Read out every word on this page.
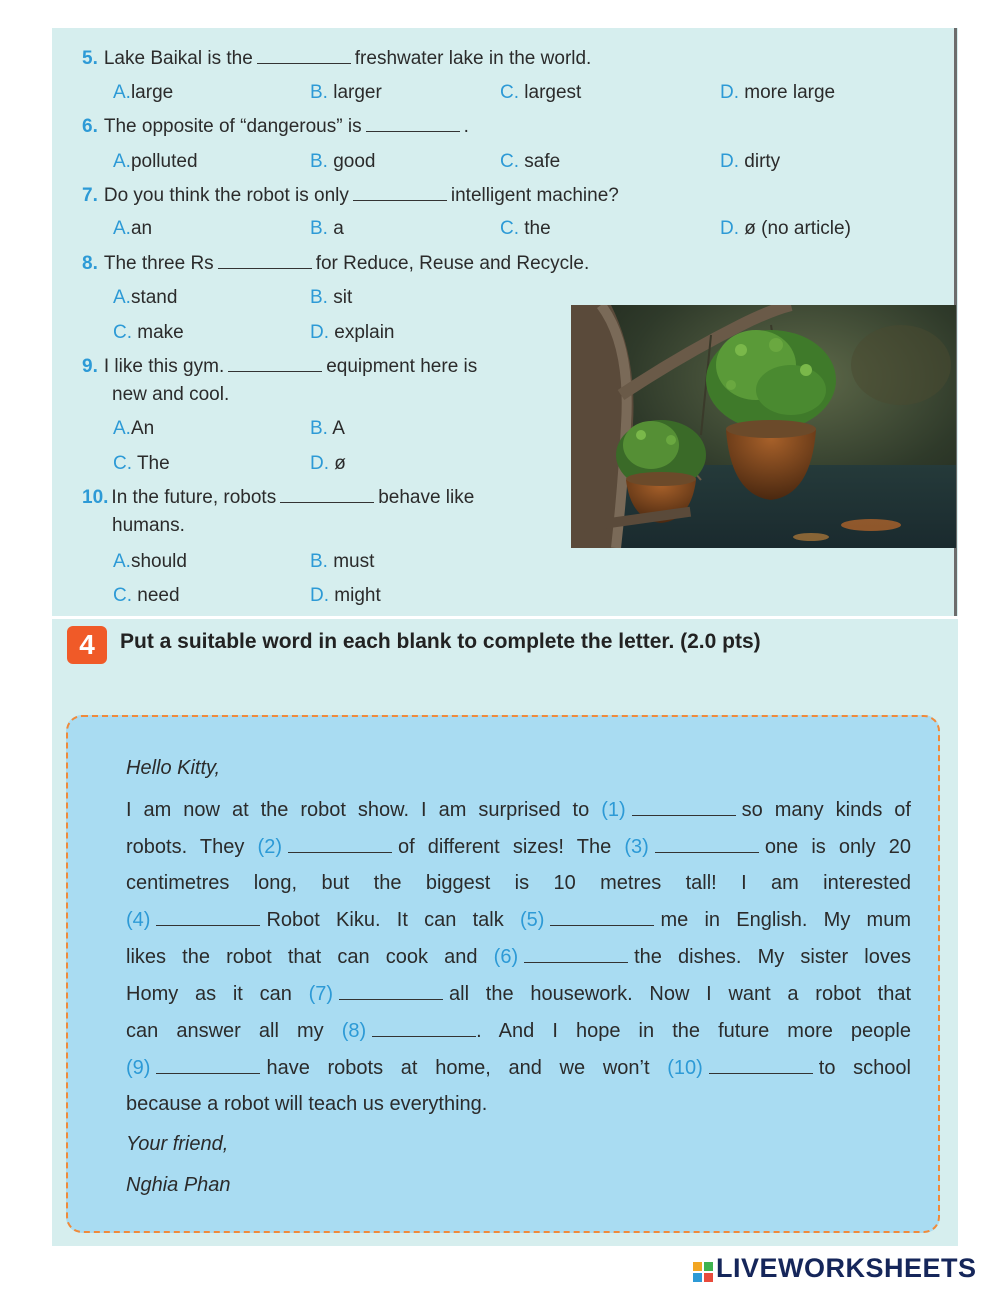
5. Lake Baikal is the	freshwater lake in the world.
A.large	B. larger	C. largest	D. more large
6. The opposite of “dangerous” is	.
A.polluted	B. good	C. safe	D. dirty
7. Do you think the robot is only	intelligent machine?
A.an	B. a	C. the	D. ø (no article)
8. The three Rs	for Reduce, Reuse and Recycle.
A.stand	B. sit
C. make	D. explain
9. I like this gym.	equipment here is
new and cool.
A.An	B. A
C. The	D. ø
10. In the future, robots	behave like
humans.
A.should	B. must
C. need	D. might
4	Put a suitable word in each blank to complete the letter. (2.0 pts)
Hello Kitty,
I am now at the robot show. I am surprised to (1)	so many kinds of
robots. They (2)	of different sizes! The (3)	one is only 20
centimetres long, but the biggest is 10 metres tall! I am interested
(4)	Robot Kiku. It can talk (5)	me in English. My mum
likes the robot that can cook and (6)	the dishes. My sister loves
Homy as it can (7)	all the housework. Now I want a robot that
can answer all my (8)	. And I hope in the future more people
(9)	have robots at home, and we won’t (10)	to school
because a robot will teach us everything.
Your friend,
Nghia Phan
LIVEWORKSHEETS
